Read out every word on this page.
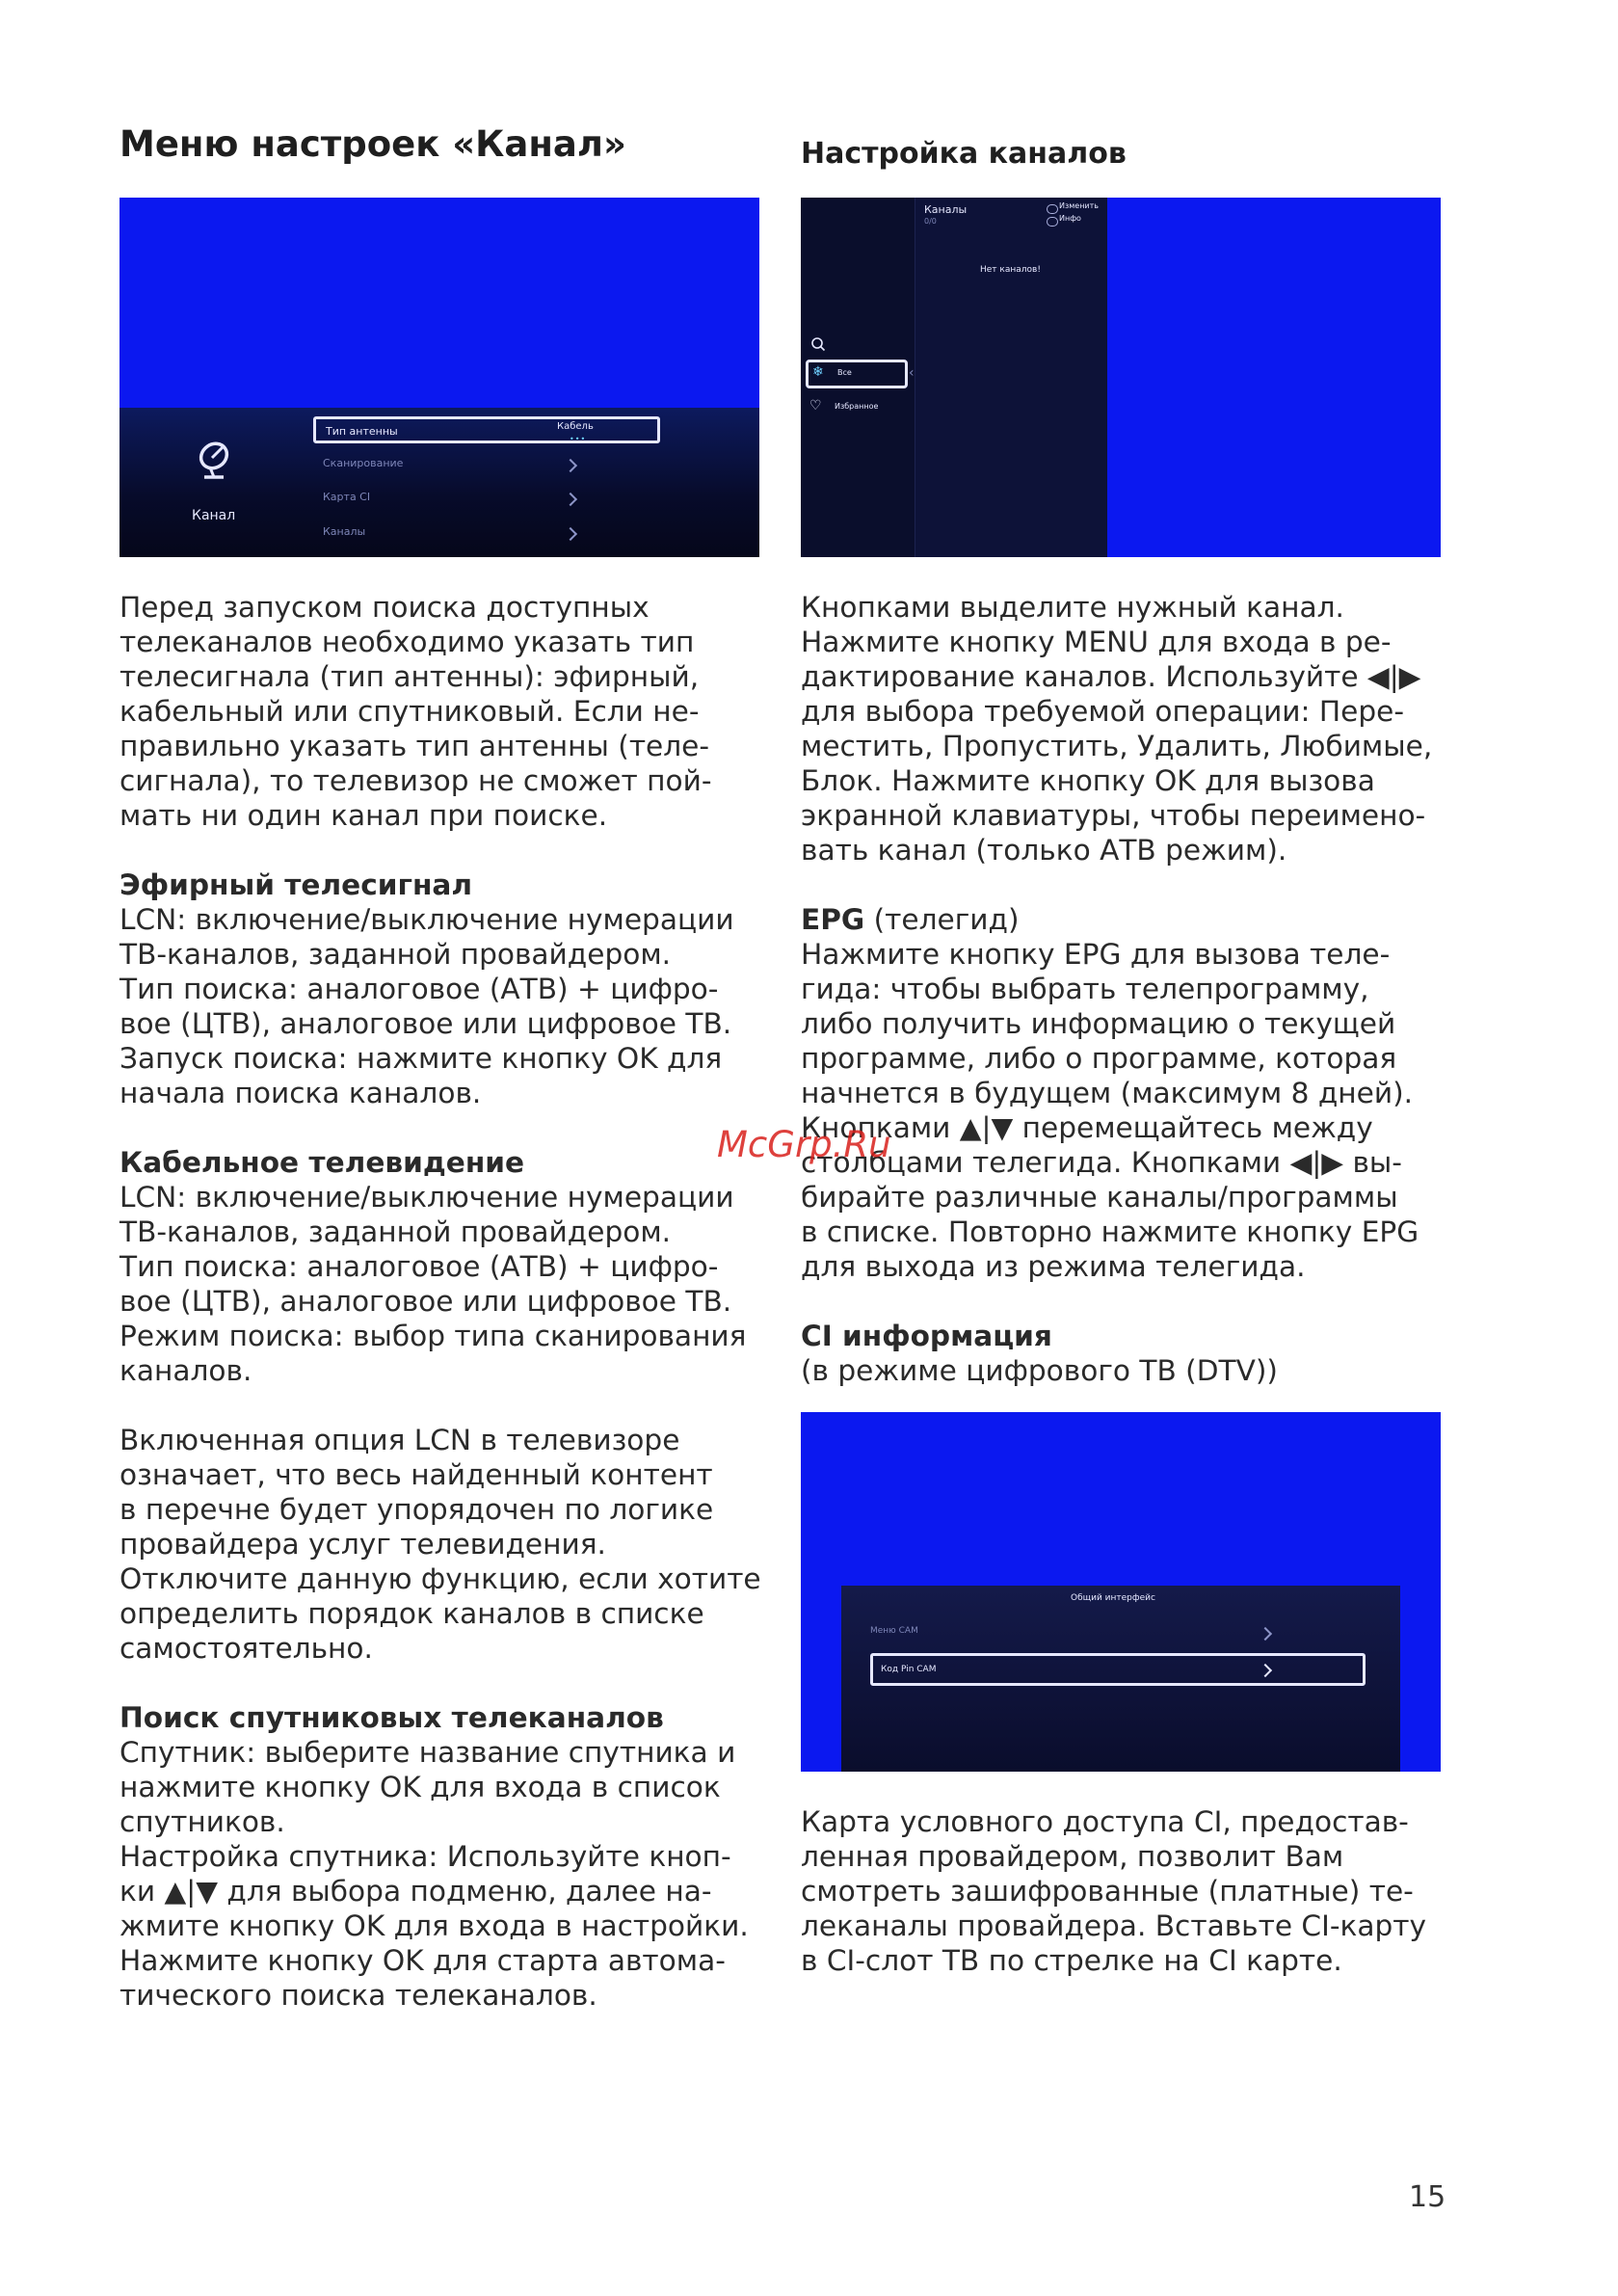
Меню настроек «Канал»
Канал
Тип антенны	Кабель
•••
Сканирование
Карта CI
Каналы
Перед запуском поиска доступных
телеканалов необходимо указать тип
телесигнала (тип антенны): эфирный,
кабельный или спутниковый. Если не-
правильно указать тип антенны (теле-
сигнала), то телевизор не сможет пой-
мать ни один канал при поиске.
Эфирный телесигнал
LCN: включение/выключение нумерации
ТВ-каналов, заданной провайдером.
Тип поиска: аналоговое (АТВ) + цифро-
вое (ЦТВ), аналоговое или цифровое ТВ.
Запуск поиска: нажмите кнопку OK для
начала поиска каналов.
Кабельное телевидение
LCN: включение/выключение нумерации
ТВ-каналов, заданной провайдером.
Тип поиска: аналоговое (АТВ) + цифро-
вое (ЦТВ), аналоговое или цифровое ТВ.
Режим поиска: выбор типа сканирования
каналов.
Включенная опция LCN в телевизоре
означает, что весь найденный контент
в перечне будет упорядочен по логике
провайдера услуг телевидения.
Отключите данную функцию, если хотите
определить порядок каналов в списке
самостоятельно.
Поиск спутниковых телеканалов
Спутник: выберите название спутника и
нажмите кнопку OK для входа в список
спутников.
Настройка спутника: Используйте кноп-
ки ▲|▼ для выбора подменю, далее на-
жмите кнопку OK для входа в настройки.
Нажмите кнопку OK для старта автома-
тического поиска телеканалов.
Настройка каналов
Каналы
0/0
Изменить
Инфо
Нет каналов!
❄ Все	‹
♡ Избранное
Кнопками выделите нужный канал.
Нажмите кнопку MENU для входа в ре-
дактирование каналов. Используйте ◀|▶
для выбора требуемой операции: Пере-
местить, Пропустить, Удалить, Любимые,
Блок. Нажмите кнопку OK для вызова
экранной клавиатуры, чтобы переимено-
вать канал (только АТВ режим).
EPG (телегид)
Нажмите кнопку EPG для вызова теле-
гида: чтобы выбрать телепрограмму,
либо получить информацию о текущей
программе, либо о программе, которая
начнется в будущем (максимум 8 дней).
Кнопками ▲|▼ перемещайтесь между
столбцами телегида. Кнопками ◀|▶ вы-
бирайте различные каналы/программы
в списке. Повторно нажмите кнопку EPG
для выхода из режима телегида.
CI информация
(в режиме цифрового ТВ (DTV))
Общий интерфейс
Меню CAM
Код Pin CAM
Карта условного доступа CI, предостав-
ленная провайдером, позволит Вам
смотреть зашифрованные (платные) те-
леканалы провайдера. Вставьте CI-карту
в CI-слот ТВ по стрелке на CI карте.
McGrp.Ru
15
